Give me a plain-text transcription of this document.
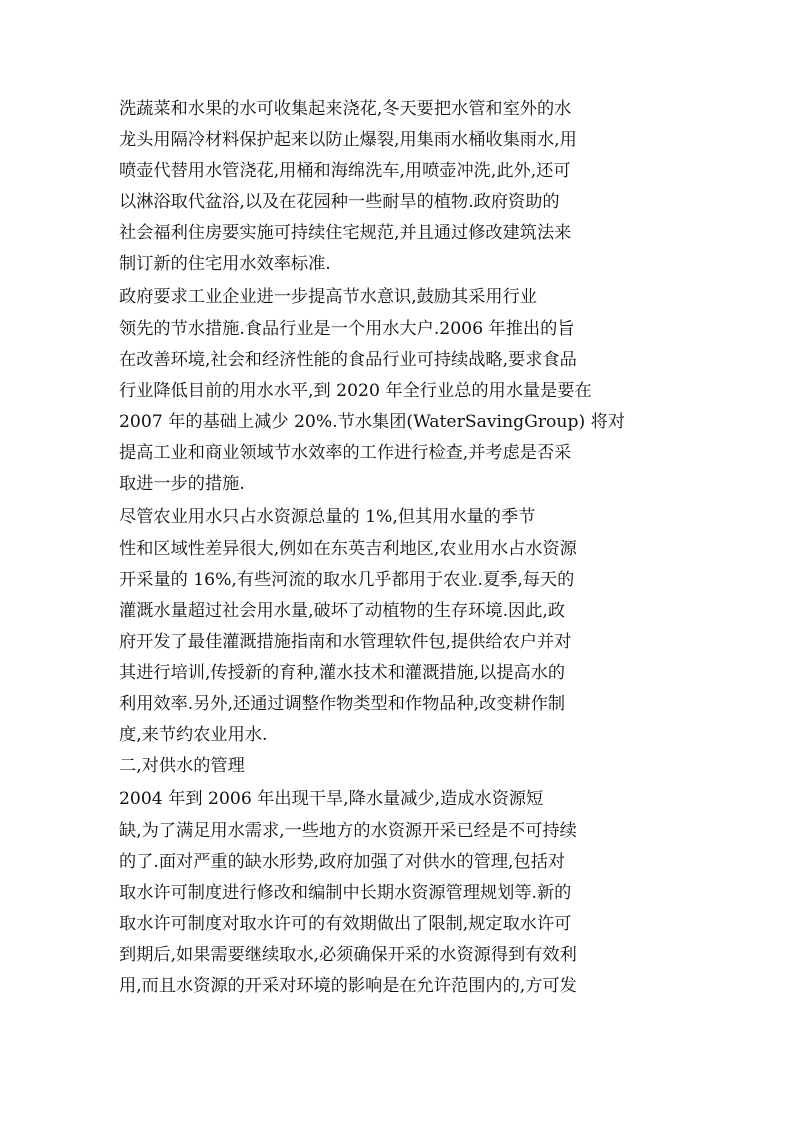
洗蔬菜和水果的水可收集起来浇花,冬天要把水管和室外的水
龙头用隔冷材料保护起来以防止爆裂,用集雨水桶收集雨水,用
喷壶代替用水管浇花,用桶和海绵洗车,用喷壶冲洗,此外,还可
以淋浴取代盆浴,以及在花园种一些耐旱的植物.政府资助的
社会福利住房要实施可持续住宅规范,并且通过修改建筑法来
制订新的住宅用水效率标准.
政府要求工业企业进一步提高节水意识,鼓励其采用行业
领先的节水措施.食品行业是一个用水大户.2006 年推出的旨
在改善环境,社会和经济性能的食品行业可持续战略,要求食品
行业降低目前的用水水平,到 2020 年全行业总的用水量是要在
2007 年的基础上减少 20%.节水集团(WaterSavingGroup) 将对
提高工业和商业领域节水效率的工作进行检查,并考虑是否采
取进一步的措施.
尽管农业用水只占水资源总量的 1%,但其用水量的季节
性和区域性差异很大,例如在东英吉利地区,农业用水占水资源
开采量的 16%,有些河流的取水几乎都用于农业.夏季,每天的
灌溉水量超过社会用水量,破坏了动植物的生存环境.因此,政
府开发了最佳灌溉措施指南和水管理软件包,提供给农户并对
其进行培训,传授新的育种,灌水技术和灌溉措施,以提高水的
利用效率.另外,还通过调整作物类型和作物品种,改变耕作制
度,来节约农业用水.
二,对供水的管理
2004 年到 2006 年出现干旱,降水量减少,造成水资源短
缺,为了满足用水需求,一些地方的水资源开采已经是不可持续
的了.面对严重的缺水形势,政府加强了对供水的管理,包括对
取水许可制度进行修改和编制中长期水资源管理规划等.新的
取水许可制度对取水许可的有效期做出了限制,规定取水许可
到期后,如果需要继续取水,必须确保开采的水资源得到有效利
用,而且水资源的开采对环境的影响是在允许范围内的,方可发
